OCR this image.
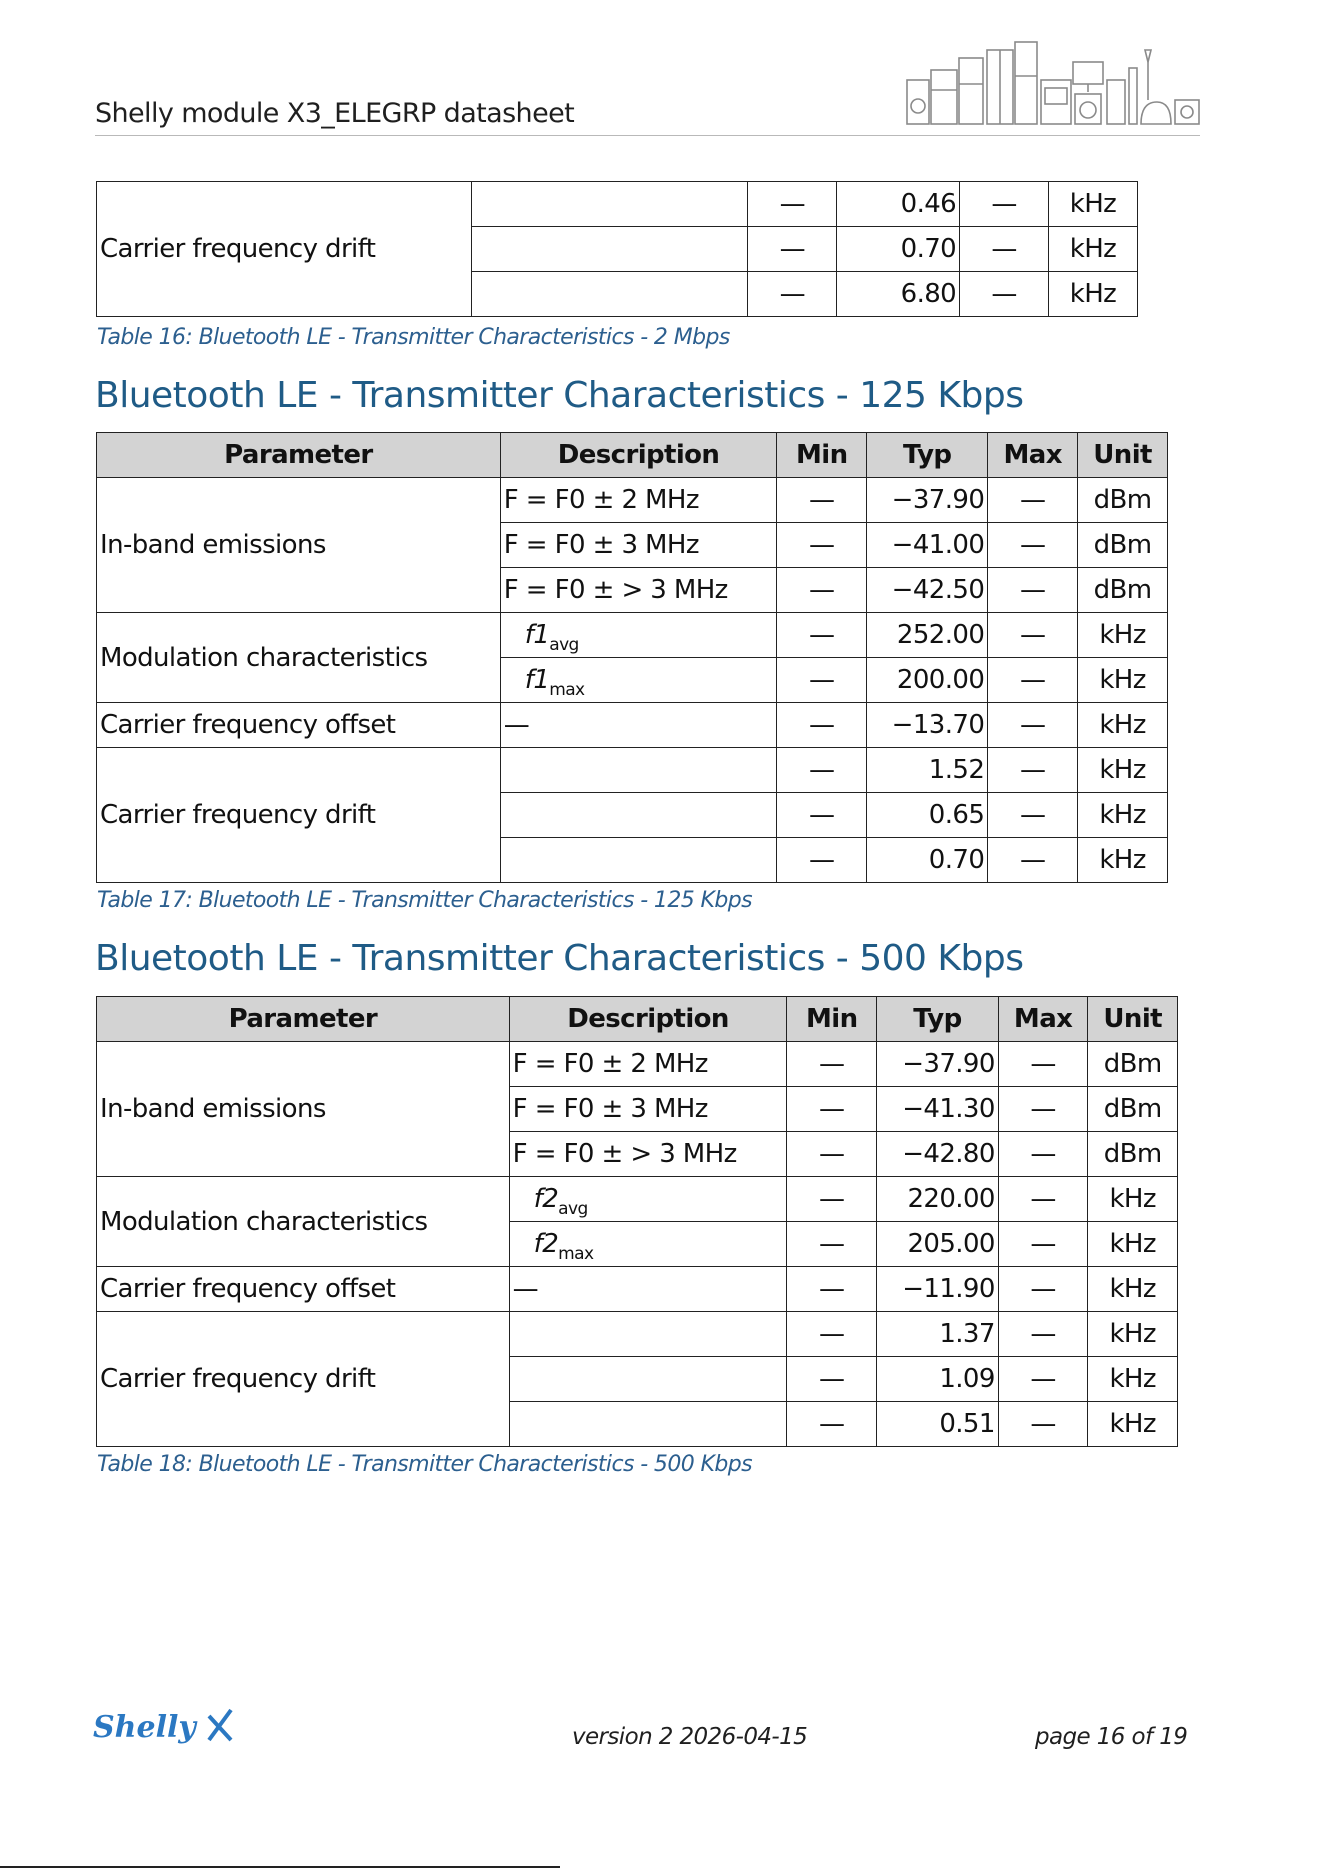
Shelly module X3_ELEGRP datasheet
Carrier frequency drift		—	0.46	—	kHz
		—	0.70	—	kHz
		—	6.80	—	kHz
Table 16: Bluetooth LE - Transmitter Characteristics - 2 Mbps
Bluetooth LE - Transmitter Characteristics - 125 Kbps
Parameter	Description	Min	Typ	Max	Unit
In-band emissions	F = F0 ± 2 MHz	—	−37.90	—	dBm
	F = F0 ± 3 MHz	—	−41.00	—	dBm
	F = F0 ± > 3 MHz	—	−42.50	—	dBm
Modulation characteristics	$f1_{avg}$	—	252.00	—	kHz
	$f1_{max}$	—	200.00	—	kHz
Carrier frequency offset	—	—	−13.70	—	kHz
Carrier frequency drift		—	1.52	—	kHz
		—	0.65	—	kHz
		—	0.70	—	kHz
Table 17: Bluetooth LE - Transmitter Characteristics - 125 Kbps
Bluetooth LE - Transmitter Characteristics - 500 Kbps
Parameter	Description	Min	Typ	Max	Unit
In-band emissions	F = F0 ± 2 MHz	—	−37.90	—	dBm
	F = F0 ± 3 MHz	—	−41.30	—	dBm
	F = F0 ± > 3 MHz	—	−42.80	—	dBm
Modulation characteristics	$f2_{avg}$	—	220.00	—	kHz
	$f2_{max}$	—	205.00	—	kHz
Carrier frequency offset	—	—	−11.90	—	kHz
Carrier frequency drift		—	1.37	—	kHz
		—	1.09	—	kHz
		—	0.51	—	kHz
Table 18: Bluetooth LE - Transmitter Characteristics - 500 Kbps
Shelly	version 2 2026-04-15	page 16 of 19
